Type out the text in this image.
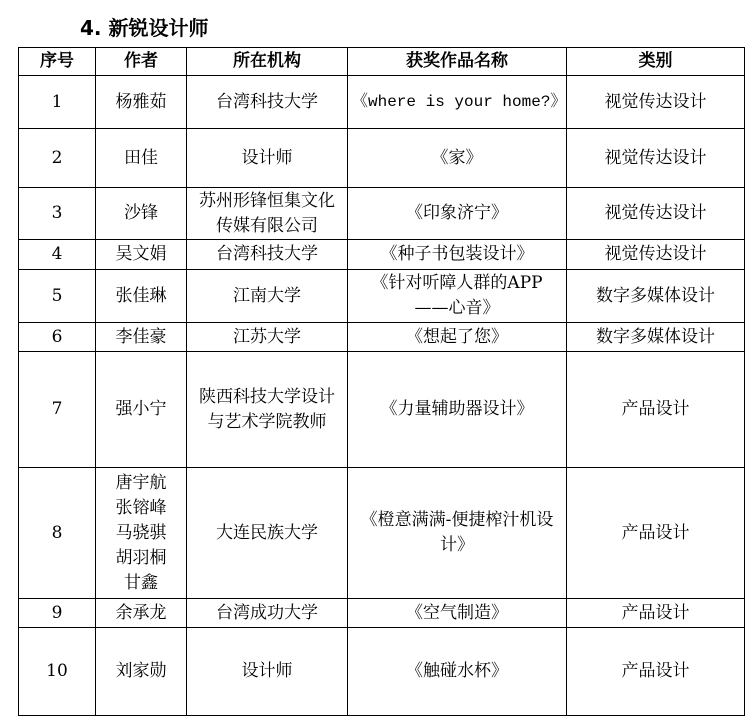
4. 新锐设计师
序号	作者	所在机构	获奖作品名称	类别
1	杨雅茹	台湾科技大学	《where is your home?》	视觉传达设计
2	田佳	设计师	《家》	视觉传达设计
3	沙锋	苏州形锋恒集文化传媒有限公司	《印象济宁》	视觉传达设计
4	吴文娟	台湾科技大学	《种子书包装设计》	视觉传达设计
5	张佳琳	江南大学	《针对听障人群的APP——心音》	数字多媒体设计
6	李佳豪	江苏大学	《想起了您》	数字多媒体设计
7	强小宁	陕西科技大学设计与艺术学院教师	《力量辅助器设计》	产品设计
8	唐宇航 张镕峰 马骁骐 胡羽桐 甘鑫	大连民族大学	《橙意满满-便捷榨汁机设计》	产品设计
9	余承龙	台湾成功大学	《空气制造》	产品设计
10	刘家勋	设计师	《触碰水杯》	产品设计
